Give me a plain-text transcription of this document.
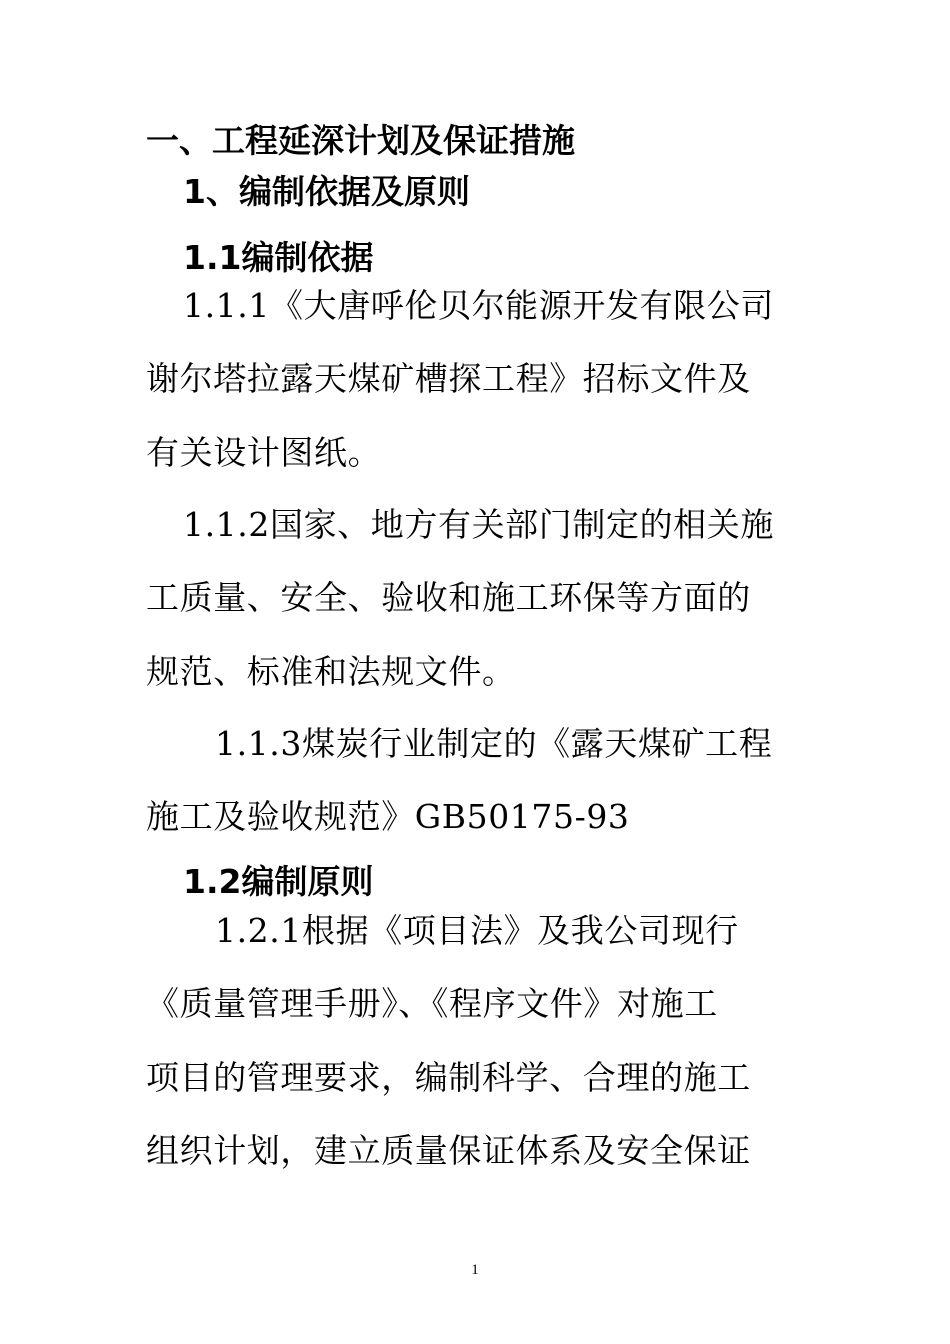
一、工程延深计划及保证措施
1、编制依据及原则
1.1编制依据
1.1.1《大唐呼伦贝尔能源开发有限公司
谢尔塔拉露天煤矿槽探工程》招标文件及
有关设计图纸。
1.1.2国家、地方有关部门制定的相关施
工质量、安全、验收和施工环保等方面的
规范、标准和法规文件。
1.1.3煤炭行业制定的《露天煤矿工程
施工及验收规范》GB50175-93
1.2编制原则
1.2.1根据《项目法》及我公司现行
《质量管理手册》、《程序文件》对施工
项目的管理要求，编制科学、合理的施工
组织计划，建立质量保证体系及安全保证
1
